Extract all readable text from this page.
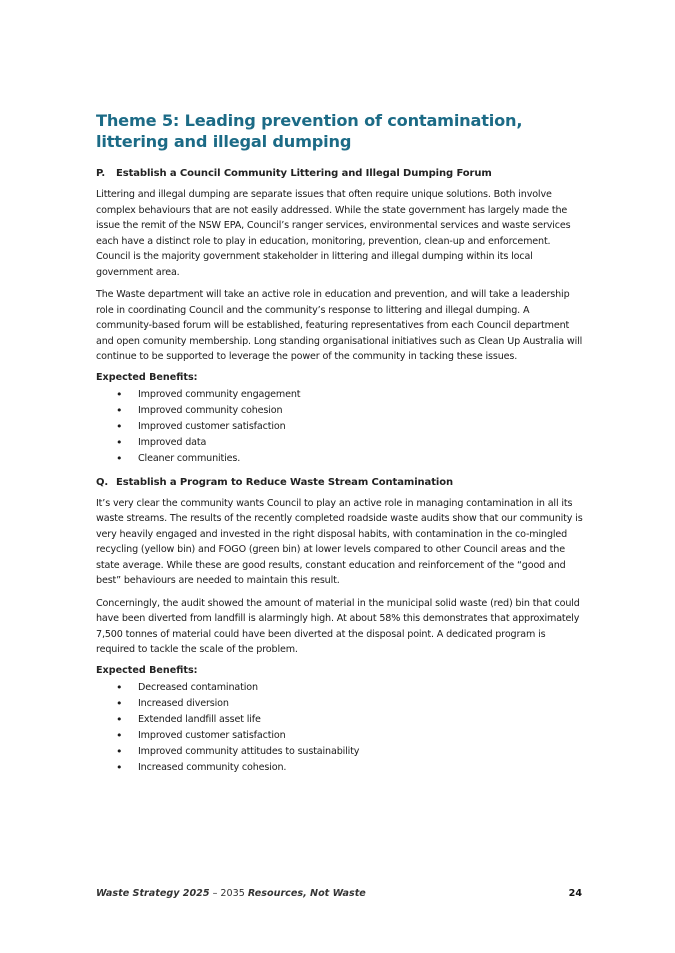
Theme 5: Leading prevention of contamination, littering and illegal dumping
P. Establish a Council Community Littering and Illegal Dumping Forum

Littering and illegal dumping are separate issues that often require unique solutions. Both involve complex behaviours that are not easily addressed. While the state government has largely made the issue the remit of the NSW EPA, Council’s ranger services, environmental services and waste services each have a distinct role to play in education, monitoring, prevention, clean-up and enforcement. Council is the majority government stakeholder in littering and illegal dumping within its local government area.

The Waste department will take an active role in education and prevention, and will take a leadership role in coordinating Council and the community’s response to littering and illegal dumping. A community-based forum will be established, featuring representatives from each Council department and open comunity membership. Long standing organisational initiatives such as Clean Up Australia will continue to be supported to leverage the power of the community in tacking these issues.

Expected Benefits:
• Improved community engagement
• Improved community cohesion
• Improved customer satisfaction
• Improved data
• Cleaner communities.
Q. Establish a Program to Reduce Waste Stream Contamination

It’s very clear the community wants Council to play an active role in managing contamination in all its waste streams. The results of the recently completed roadside waste audits show that our community is very heavily engaged and invested in the right disposal habits, with contamination in the co-mingled recycling (yellow bin) and FOGO (green bin) at lower levels compared to other Council areas and the state average. While these are good results, constant education and reinforcement of the “good and best” behaviours are needed to maintain this result.

Concerningly, the audit showed the amount of material in the municipal solid waste (red) bin that could have been diverted from landfill is alarmingly high. At about 58% this demonstrates that approximately 7,500 tonnes of material could have been diverted at the disposal point. A dedicated program is required to tackle the scale of the problem.

Expected Benefits:
• Decreased contamination
• Increased diversion
• Extended landfill asset life
• Improved customer satisfaction
• Improved community attitudes to sustainability
• Increased community cohesion.
Waste Strategy 2025 – 2035 Resources, Not Waste	24
